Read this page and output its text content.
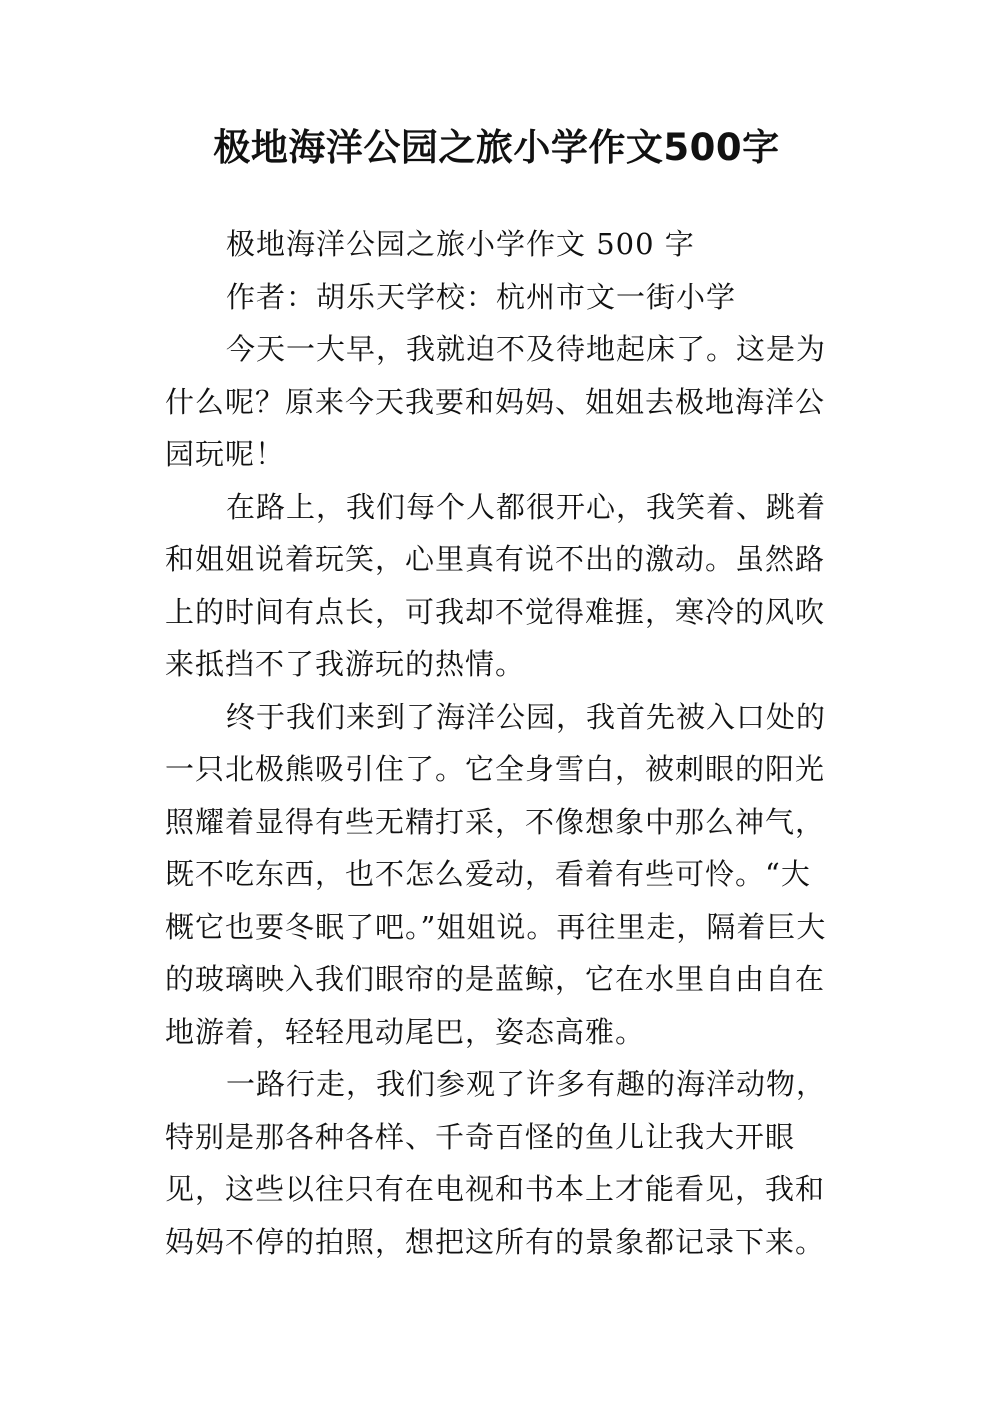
极地海洋公园之旅小学作文500字

极地海洋公园之旅小学作文 500 字

作者：胡乐天学校：杭州市文一街小学

今天一大早，我就迫不及待地起床了。这是为什么呢？原来今天我要和妈妈、姐姐去极地海洋公园玩呢！

在路上，我们每个人都很开心，我笑着、跳着和姐姐说着玩笑，心里真有说不出的激动。虽然路上的时间有点长，可我却不觉得难捱，寒冷的风吹来抵挡不了我游玩的热情。

终于我们来到了海洋公园，我首先被入口处的一只北极熊吸引住了。它全身雪白，被刺眼的阳光照耀着显得有些无精打采，不像想象中那么神气，既不吃东西，也不怎么爱动，看着有些可怜。“大概它也要冬眠了吧。”姐姐说。再往里走，隔着巨大的玻璃映入我们眼帘的是蓝鲸，它在水里自由自在地游着，轻轻甩动尾巴，姿态高雅。

一路行走，我们参观了许多有趣的海洋动物，特别是那各种各样、千奇百怪的鱼儿让我大开眼见，这些以往只有在电视和书本上才能看见，我和妈妈不停的拍照，想把这所有的景象都记录下来。
